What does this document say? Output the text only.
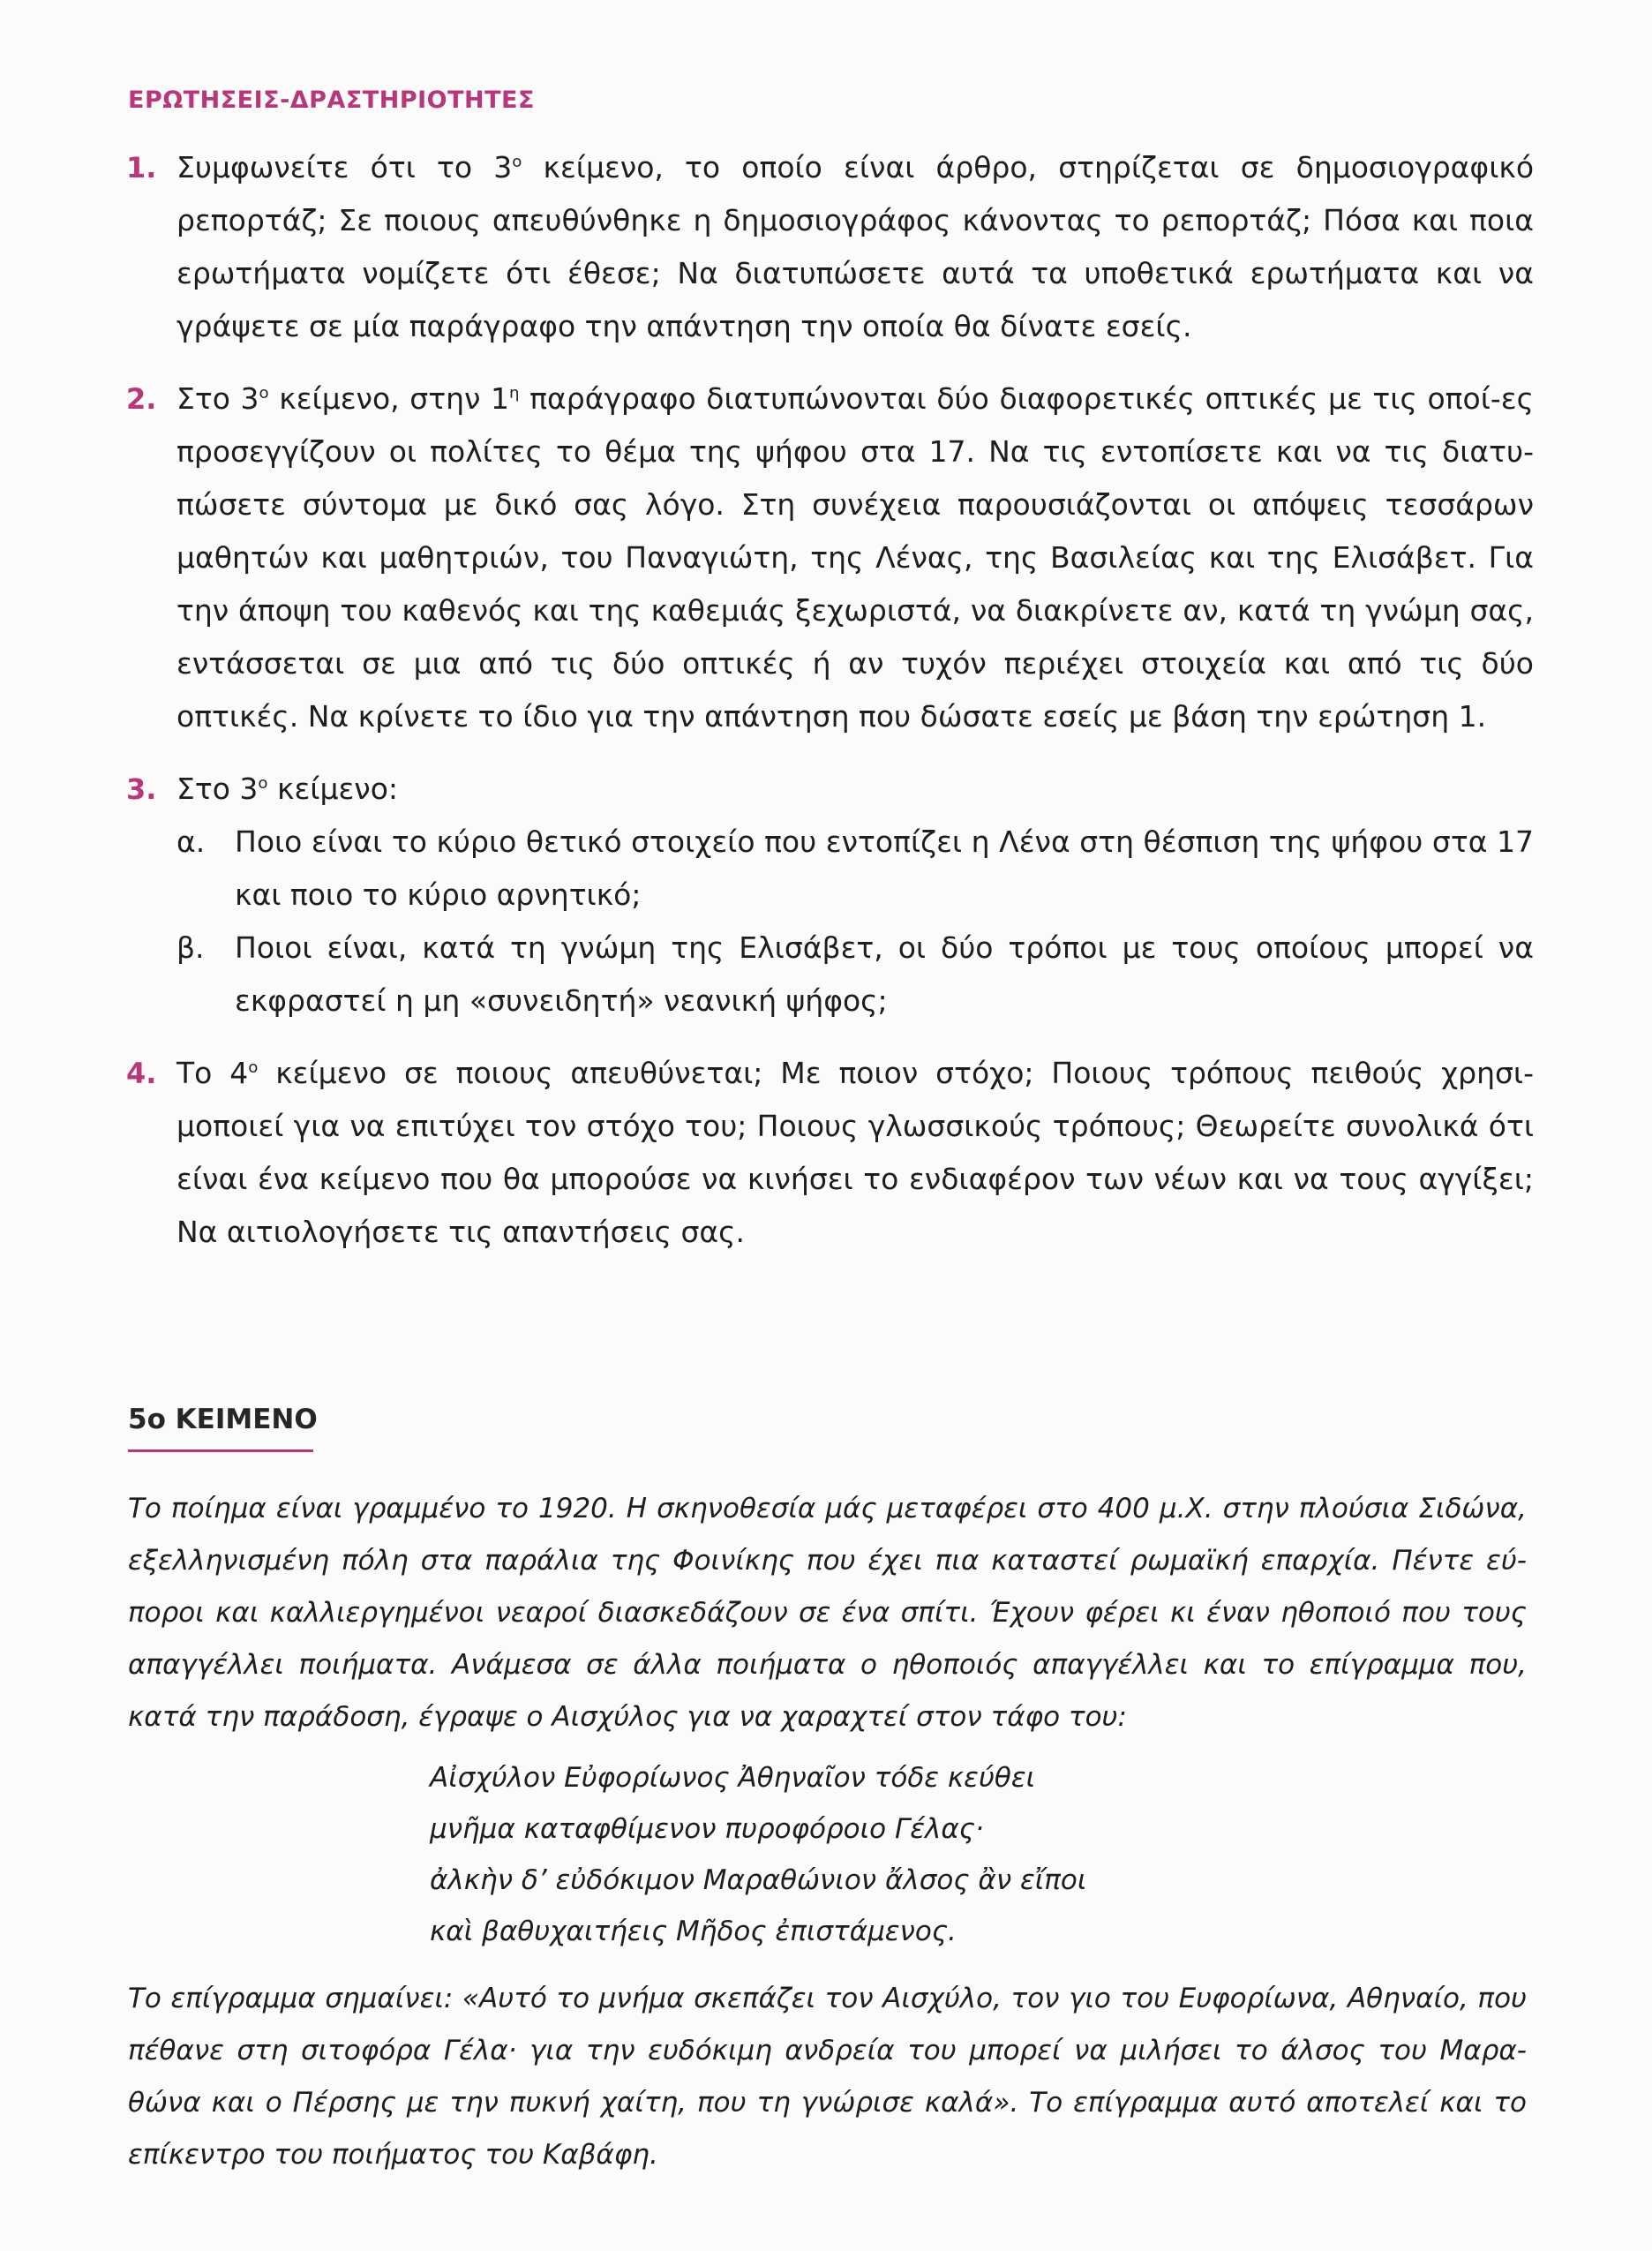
ΕΡΩΤΗΣΕΙΣ-ΔΡΑΣΤΗΡΙΟΤΗΤΕΣ
1. Συμφωνείτε ότι το $3^o$ κείμενο, το οποίο είναι άρθρο, στηρίζεται σε δημοσιογραφικό ρεπορτάζ; Σε ποιους απευθύνθηκε η δημοσιογράφος κάνοντας το ρεπορτάζ; Πόσα και ποια ερωτήματα νομίζετε ότι έθεσε; Να διατυπώσετε αυτά τα υποθετικά ερωτήματα και να γράψετε σε μία παράγραφο την απάντηση την οποία θα δίνατε εσείς.
2. Στο $3^o$ κείμενο, στην $1^\eta$ παράγραφο διατυπώνονται δύο διαφορετικές οπτικές με τις οποί-ες προσεγγίζουν οι πολίτες το θέμα της ψήφου στα 17. Να τις εντοπίσετε και να τις διατυ-πώσετε σύντομα με δικό σας λόγο. Στη συνέχεια παρουσιάζονται οι απόψεις τεσσάρων μαθητών και μαθητριών, του Παναγιώτη, της Λένας, της Βασιλείας και της Ελισάβετ. Για την άποψη του καθενός και της καθεμιάς ξεχωριστά, να διακρίνετε αν, κατά τη γνώμη σας, εντάσσεται σε μια από τις δύο οπτικές ή αν τυχόν περιέχει στοιχεία και από τις δύο οπτικές. Να κρίνετε το ίδιο για την απάντηση που δώσατε εσείς με βάση την ερώτηση 1.
3. Στο $3^o$ κείμενο:
α. Ποιο είναι το κύριο θετικό στοιχείο που εντοπίζει η Λένα στη θέσπιση της ψήφου στα 17 και ποιο το κύριο αρνητικό;
β. Ποιοι είναι, κατά τη γνώμη της Ελισάβετ, οι δύο τρόποι με τους οποίους μπορεί να εκφραστεί η μη «συνειδητή» νεανική ψήφος;
4. Το $4^o$ κείμενο σε ποιους απευθύνεται; Με ποιον στόχο; Ποιους τρόπους πειθούς χρησι-μοποιεί για να επιτύχει τον στόχο του; Ποιους γλωσσικούς τρόπους; Θεωρείτε συνολικά ότι είναι ένα κείμενο που θα μπορούσε να κινήσει το ενδιαφέρον των νέων και να τους αγγίξει; Να αιτιολογήσετε τις απαντήσεις σας.
5ο ΚΕΙΜΕΝΟ
Το ποίημα είναι γραμμένο το 1920. Η σκηνοθεσία μάς μεταφέρει στο 400 μ.Χ. στην πλούσια Σιδώνα, εξελληνισμένη πόλη στα παράλια της Φοινίκης που έχει πια καταστεί ρωμαϊκή επαρχία. Πέντε εύ-ποροι και καλλιεργημένοι νεαροί διασκεδάζουν σε ένα σπίτι. Έχουν φέρει κι έναν ηθοποιό που τους απαγγέλλει ποιήματα. Ανάμεσα σε άλλα ποιήματα ο ηθοποιός απαγγέλλει και το επίγραμμα που, κατά την παράδοση, έγραψε ο Αισχύλος για να χαραχτεί στον τάφο του:
Αἰσχύλον Εὐφορίωνος Ἀθηναῖον τόδε κεύθει
μνῆμα καταφθίμενον πυροφόροιο Γέλας·
ἀλκὴν δ’ εὐδόκιμον Μαραθώνιον ἄλσος ἂν εἴποι
καὶ βαθυχαιτήεις Μῆδος ἐπιστάμενος.
Το επίγραμμα σημαίνει: «Αυτό το μνήμα σκεπάζει τον Αισχύλο, τον γιο του Ευφορίωνα, Αθηναίο, που πέθανε στη σιτοφόρα Γέλα· για την ευδόκιμη ανδρεία του μπορεί να μιλήσει το άλσος του Μαρα-θώνα και ο Πέρσης με την πυκνή χαίτη, που τη γνώρισε καλά». Το επίγραμμα αυτό αποτελεί και το επίκεντρο του ποιήματος του Καβάφη.
